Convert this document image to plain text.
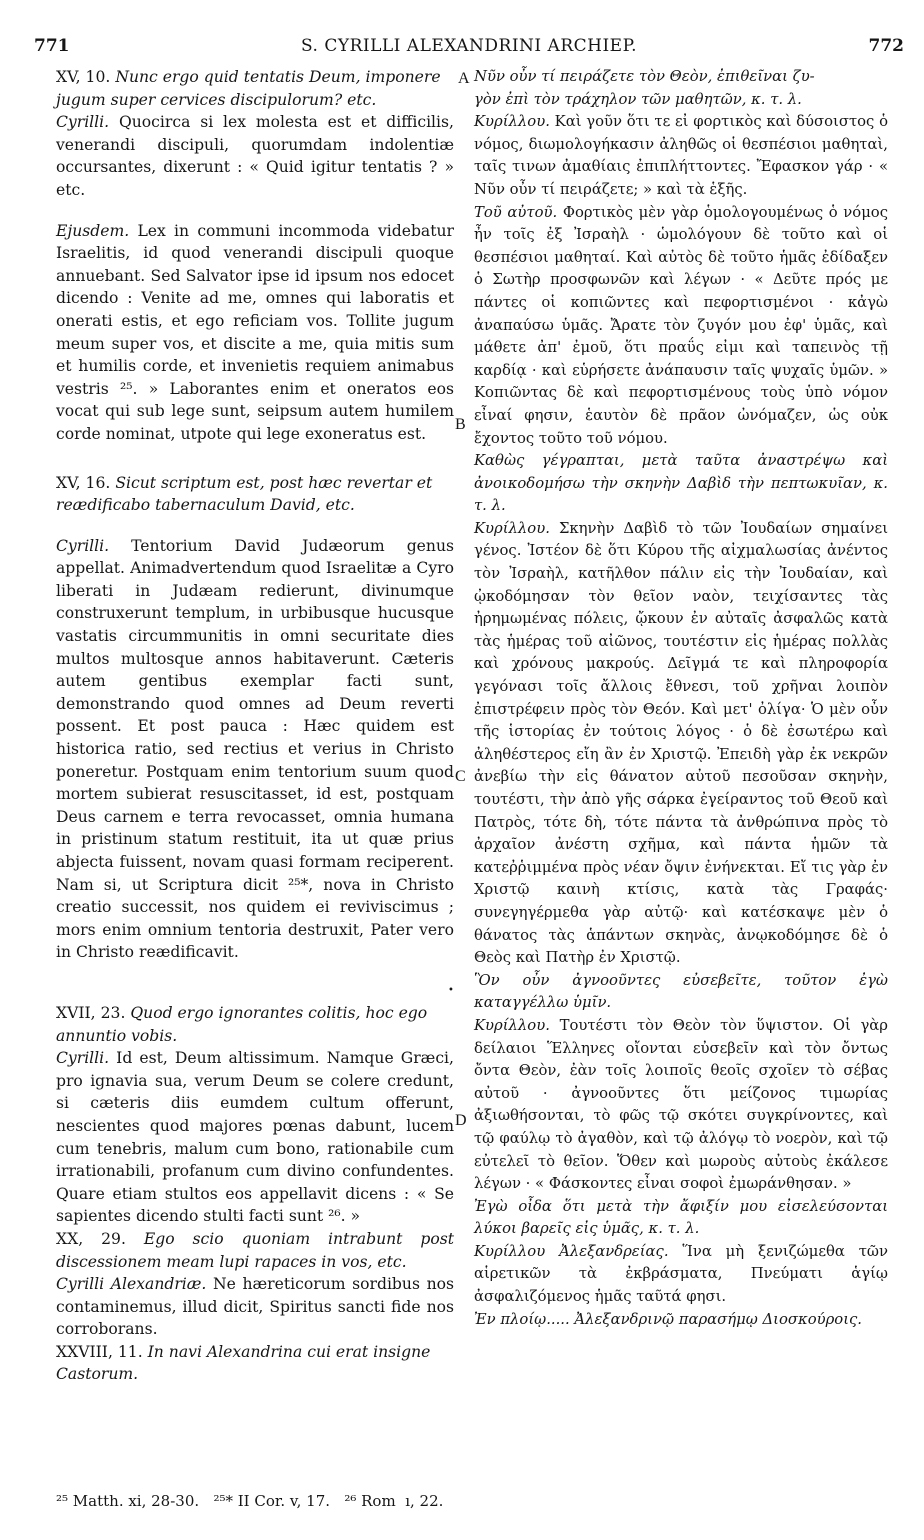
771	S. CYRILLI ALEXANDRINI ARCHIEP.	772
XV, 10. Nunc ergo quid tentatis Deum, imponere
jugum super cervices discipulorum? etc.
Cyrilli. Quocirca si lex molesta est et difficilis, venerandi discipuli, quorumdam indolentiæ occursantes, dixerunt : « Quid igitur tentatis ? » etc.
Ejusdem. Lex in communi incommoda videbatur Israelitis, id quod venerandi discipuli quoque annuebant. Sed Salvator ipse id ipsum nos edocet dicendo : Venite ad me, omnes qui laboratis et onerati estis, et ego reficiam vos. Tollite jugum meum super vos, et discite a me, quia mitis sum et humilis corde, et invenietis requiem animabus vestris ²⁵. » Laborantes enim et oneratos eos vocat qui sub lege sunt, seipsum autem humilem corde nominat, utpote qui lege exoneratus est.
XV, 16. Sicut scriptum est, post hæc revertar et
reædificabo tabernaculum David, etc.
Cyrilli. Tentorium David Judæorum genus appellat. Animadvertendum quod Israelitæ a Cyro liberati in Judæam redierunt, divinumque construxerunt templum, in urbibusque hucusque vastatis circummunitis in omni securitate dies multos multosque annos habitaverunt. Cæteris autem gentibus exemplar facti sunt, demonstrando quod omnes ad Deum reverti possent. Et post pauca : Hæc quidem est historica ratio, sed rectius et verius in Christo poneretur. Postquam enim tentorium suum quod mortem subierat resuscitasset, id est, postquam Deus carnem e terra revocasset, omnia humana in pristinum statum restituit, ita ut quæ prius abjecta fuissent, novam quasi formam reciperent. Nam si, ut Scriptura dicit ²⁵*, nova in Christo creatio successit, nos quidem ei reviviscimus ; mors enim omnium tentoria destruxit, Pater vero in Christo reædificavit.
XVII, 23. Quod ergo ignorantes colitis, hoc ego
annuntio vobis.
Cyrilli. Id est, Deum altissimum. Namque Græci, pro ignavia sua, verum Deum se colere credunt, si cæteris diis eumdem cultum offerunt, nescientes quod majores pœnas dabunt, lucem cum tenebris, malum cum bono, rationabile cum irrationabili, profanum cum divino confundentes. Quare etiam stultos eos appellavit dicens : « Se sapientes dicendo stulti facti sunt ²⁶. »
XX, 29. Ego scio quoniam intrabunt post discessionem meam lupi rapaces in vos, etc.
Cyrilli Alexandriæ. Ne hæreticorum sordibus nos contaminemus, illud dicit, Spiritus sancti fide nos corroborans.
XXVIII, 11. In navi Alexandrina cui erat insigne
Castorum.
A
B
C
D
•
Νῦν οὖν τί πειράζετε τὸν Θεὸν, ἐπιθεῖναι ζυ-
γὸν ἐπὶ τὸν τράχηλον τῶν μαθητῶν, κ. τ. λ.
Κυρίλλου. Καὶ γοῦν ὅτι τε εἰ φορτικὸς καὶ δύσοιστος ὁ νόμος, διωμολογήκασιν ἀληθῶς οἱ θεσπέσιοι μαθηταὶ, ταῖς τινων ἀμαθίαις ἐπιπλήττοντες. Ἔφασκον γάρ · « Νῦν οὖν τί πειράζετε; » καὶ τὰ ἑξῆς.
Τοῦ αὐτοῦ. Φορτικὸς μὲν γὰρ ὁμολογουμένως ὁ νόμος ἦν τοῖς ἐξ Ἰσραὴλ · ὡμολόγουν δὲ τοῦτο καὶ οἱ θεσπέσιοι μαθηταί. Καὶ αὐτὸς δὲ τοῦτο ἡμᾶς ἐδίδαξεν ὁ Σωτὴρ προσφωνῶν καὶ λέγων · « Δεῦτε πρός με πάντες οἱ κοπιῶντες καὶ πεφορτισμένοι · κἀγὼ ἀναπαύσω ὑμᾶς. Ἄρατε τὸν ζυγόν μου ἐφ' ὑμᾶς, καὶ μάθετε ἀπ' ἐμοῦ, ὅτι πραΰς εἰμι καὶ ταπεινὸς τῇ καρδίᾳ · καὶ εὑρήσετε ἀνάπαυσιν ταῖς ψυχαῖς ὑμῶν. » Κοπιῶντας δὲ καὶ πεφορτισμένους τοὺς ὑπὸ νόμον εἶναί φησιν, ἑαυτὸν δὲ πρᾶον ὠνόμαζεν, ὡς οὐκ ἔχοντος τοῦτο τοῦ νόμου.
Καθὼς γέγραπται, μετὰ ταῦτα ἀναστρέψω καὶ ἀνοικοδομήσω τὴν σκηνὴν Δαβὶδ τὴν πεπτωκυῖαν, κ. τ. λ.
Κυρίλλου. Σκηνὴν Δαβὶδ τὸ τῶν Ἰουδαίων σημαίνει γένος. Ἰστέον δὲ ὅτι Κύρου τῆς αἰχμαλωσίας ἀνέντος τὸν Ἰσραὴλ, κατῆλθον πάλιν εἰς τὴν Ἰουδαίαν, καὶ ᾠκοδόμησαν τὸν θεῖον ναὸν, τειχίσαντες τὰς ἠρημωμένας πόλεις, ᾤκουν ἐν αὐταῖς ἀσφαλῶς κατὰ τὰς ἡμέρας τοῦ αἰῶνος, τουτέστιν εἰς ἡμέρας πολλὰς καὶ χρόνους μακρούς. Δεῖγμά τε καὶ πληροφορία γεγόνασι τοῖς ἄλλοις ἔθνεσι, τοῦ χρῆναι λοιπὸν ἐπιστρέφειν πρὸς τὸν Θεόν. Καὶ μετ' ὀλίγα· Ὁ μὲν οὖν τῆς ἱστορίας ἐν τούτοις λόγος · ὁ δὲ ἐσωτέρω καὶ ἀληθέστερος εἴη ἂν ἐν Χριστῷ. Ἐπειδὴ γὰρ ἐκ νεκρῶν ἀνεβίω τὴν εἰς θάνατον αὐτοῦ πεσοῦσαν σκηνὴν, τουτέστι, τὴν ἀπὸ γῆς σάρκα ἐγείραντος τοῦ Θεοῦ καὶ Πατρὸς, τότε δὴ, τότε πάντα τὰ ἀνθρώπινα πρὸς τὸ ἀρχαῖον ἀνέστη σχῆμα, καὶ πάντα ἡμῶν τὰ κατεῤῥιμμένα πρὸς νέαν ὄψιν ἐνήνεκται. Εἴ τις γὰρ ἐν Χριστῷ καινὴ κτίσις, κατὰ τὰς Γραφάς· συνεγηγέρμεθα γὰρ αὐτῷ· καὶ κατέσκαψε μὲν ὁ θάνατος τὰς ἁπάντων σκηνὰς, ἀνῳκοδόμησε δὲ ὁ Θεὸς καὶ Πατὴρ ἐν Χριστῷ.
Ὃν οὖν ἀγνοοῦντες εὐσεβεῖτε, τοῦτον ἐγὼ καταγγέλλω ὑμῖν.
Κυρίλλου. Τουτέστι τὸν Θεὸν τὸν ὕψιστον. Οἱ γὰρ δείλαιοι Ἕλληνες οἴονται εὐσεβεῖν καὶ τὸν ὄντως ὄντα Θεὸν, ἐὰν τοῖς λοιποῖς θεοῖς σχοῖεν τὸ σέβας αὐτοῦ · ἀγνοοῦντες ὅτι μείζονος τιμωρίας ἀξιωθήσονται, τὸ φῶς τῷ σκότει συγκρίνοντες, καὶ τῷ φαύλῳ τὸ ἀγαθὸν, καὶ τῷ ἀλόγῳ τὸ νοερὸν, καὶ τῷ εὐτελεῖ τὸ θεῖον. Ὅθεν καὶ μωροὺς αὐτοὺς ἐκάλεσε λέγων · « Φάσκοντες εἶναι σοφοὶ ἐμωράνθησαν. »
Ἐγὼ οἶδα ὅτι μετὰ τὴν ἄφιξίν μου εἰσελεύσονται λύκοι βαρεῖς εἰς ὑμᾶς, κ. τ. λ.
Κυρίλλου Ἀλεξανδρείας. Ἵνα μὴ ξενιζώμεθα τῶν αἱρετικῶν τὰ ἐκβράσματα, Πνεύματι ἁγίῳ ἀσφαλιζόμενος ἡμᾶς ταῦτά φησι.
Ἐν πλοίῳ..... Ἀλεξανδρινῷ παρασήμῳ Διοσκούροις.
²⁵ Matth. xi, 28-30.   ²⁵* II Cor. v, 17.   ²⁶ Rom  ı, 22.
